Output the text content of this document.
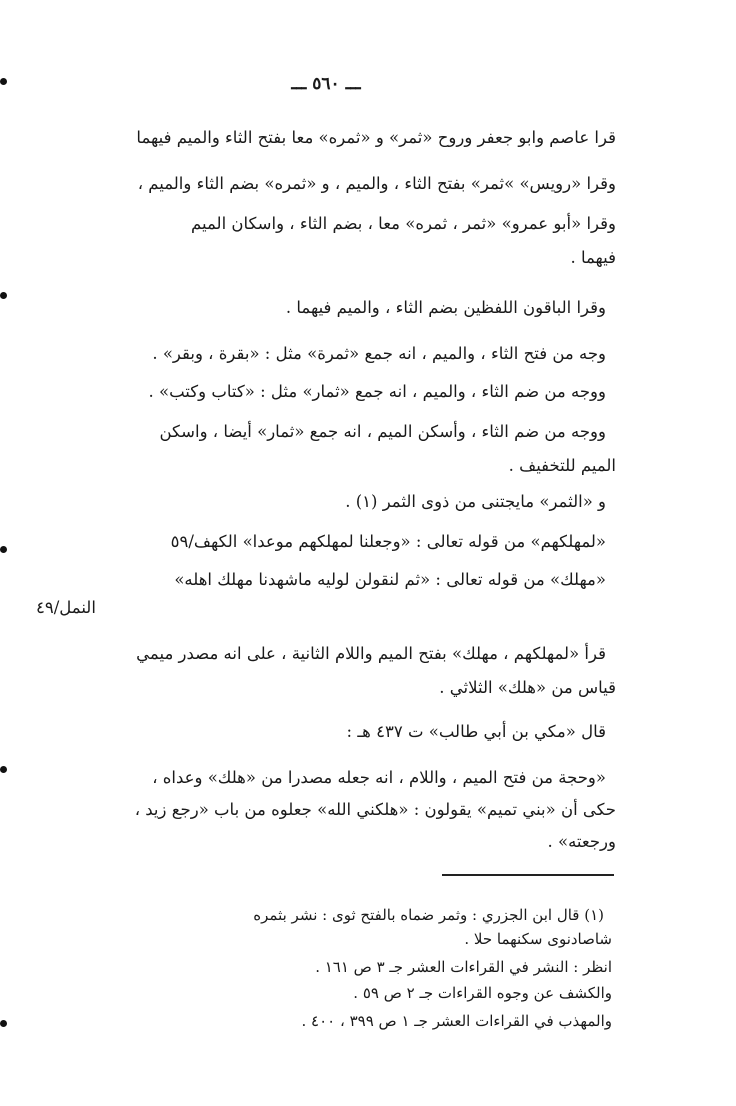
ـــ ٥٦٠ ـــ
قرا عاصم وابو جعفر وروح «ثمر» و «ثمره» معا بفتح الثاء والميم فيهما
وقرا «رويس» »ثمر» بفتح الثاء ، والميم ، و «ثمره» بضم الثاء والميم ،
وقرا «أبو عمرو» «ثمر ، ثمره» معا ، بضم الثاء ، واسكان الميم
فيهما .
وقرا الباقون اللفظين بضم الثاء ، والميم فيهما .
وجه من فتح الثاء ، والميم ، انه جمع «ثمرة» مثل : «بقرة ، وبقر» .
ووجه من ضم الثاء ، والميم ، انه جمع «ثمار» مثل : «كتاب وكتب» .
ووجه من ضم الثاء ، وأسكن الميم ، انه جمع «ثمار» أيضا ، واسكن
الميم للتخفيف .
و «الثمر» مايجتنى من ذوى الثمر (١) .
«لمهلكهم» من قوله تعالى : «وجعلنا لمهلكهم موعدا» الكهف/٥٩
«مهلك» من قوله تعالى : «ثم لنقولن لوليه ماشهدنا مهلك اهله»
النمل/٤٩
قرأ «لمهلكهم ، مهلك» بفتح الميم واللام الثانية ، على انه مصدر ميمي
قياس من «هلك» الثلاثي .
قال «مكي بن أبي طالب» ت ٤٣٧ هـ :
«وحجة من فتح الميم ، واللام ، انه جعله مصدرا من «هلك» وعداه ،
حكى أن «بني تميم» يقولون : «هلكني الله» جعلوه من باب «رجع زيد ،
ورجعته» .
(١) قال ابن الجزري : وثمر ضماه بالفتح ثوى : نشر بثمره
شاصادنوى سكنهما حلا .
انظر : النشر في القراءات العشر جـ ٣ ص ١٦١ .
والكشف عن وجوه القراءات جـ ٢ ص ٥٩ .
والمهذب في القراءات العشر جـ ١ ص ٣٩٩ ، ٤٠٠ .
